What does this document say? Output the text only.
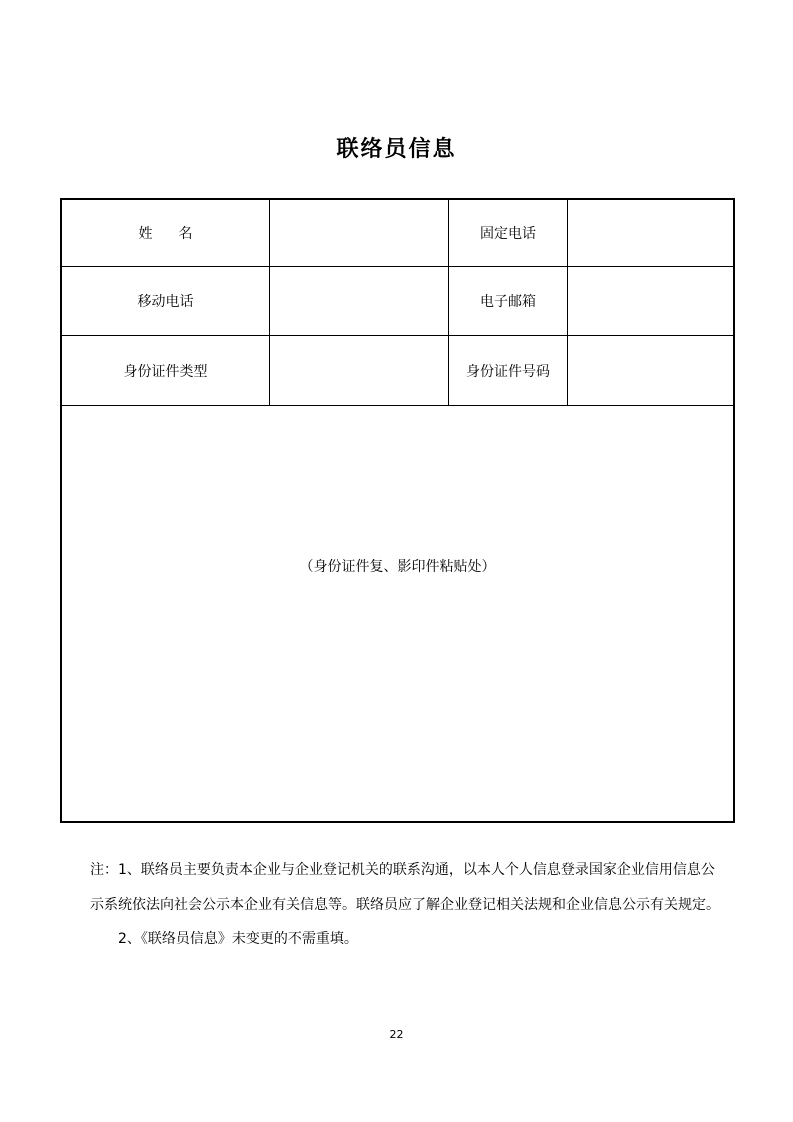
联络员信息
姓名	固定电话
移动电话	电子邮箱
身份证件类型	身份证件号码
（身份证件复、影印件粘贴处）
注：1、联络员主要负责本企业与企业登记机关的联系沟通，以本人个人信息登录国家企业信用信息公
示系统依法向社会公示本企业有关信息等。联络员应了解企业登记相关法规和企业信息公示有关规定。
2、《联络员信息》未变更的不需重填。
22
